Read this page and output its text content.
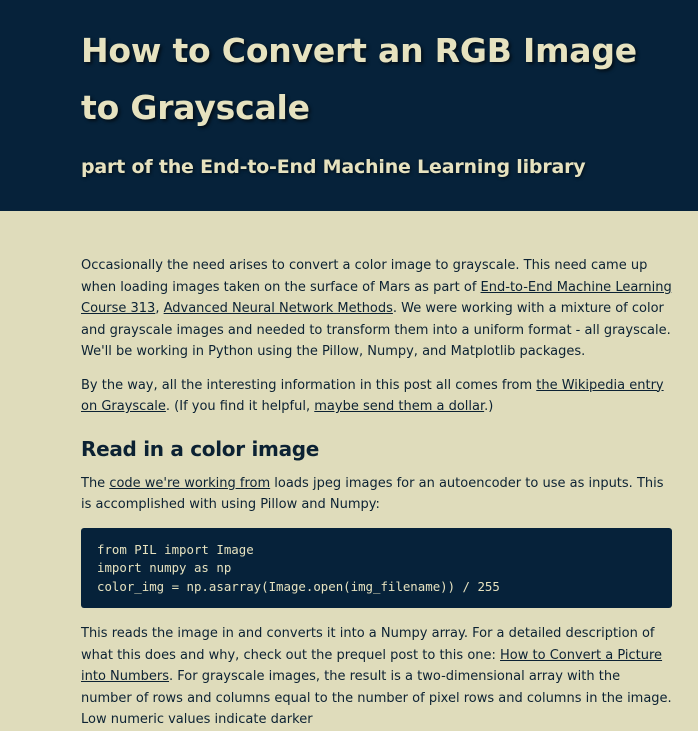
How to Convert an RGB Image to Grayscale
part of the End-to-End Machine Learning library

Occasionally the need arises to convert a color image to grayscale. This need came up when loading images taken on the surface of Mars as part of End-to-End Machine Learning Course 313, Advanced Neural Network Methods. We were working with a mixture of color and grayscale images and needed to transform them into a uniform format - all grayscale. We'll be working in Python using the Pillow, Numpy, and Matplotlib packages.

By the way, all the interesting information in this post all comes from the Wikipedia entry on Grayscale. (If you find it helpful, maybe send them a dollar.)

Read in a color image

The code we're working from loads jpeg images for an autoencoder to use as inputs. This is accomplished with using Pillow and Numpy:

from PIL import Image
import numpy as np
color_img = np.asarray(Image.open(img_filename)) / 255

This reads the image in and converts it into a Numpy array. For a detailed description of what this does and why, check out the prequel post to this one: How to Convert a Picture into Numbers. For grayscale images, the result is a two-dimensional array with the number of rows and columns equal to the number of pixel rows and columns in the image. Low numeric values indicate darker
